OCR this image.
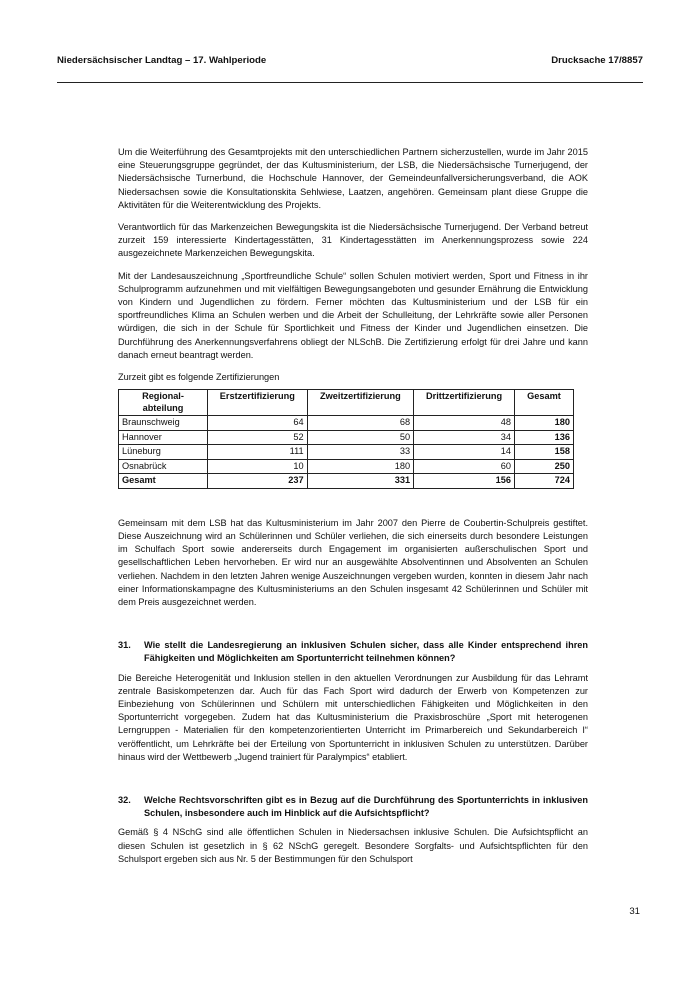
Niedersächsischer Landtag – 17. Wahlperiode	Drucksache 17/8857

Um die Weiterführung des Gesamtprojekts mit den unterschiedlichen Partnern sicherzustellen, wurde im Jahr 2015 eine Steuerungsgruppe gegründet, der das Kultusministerium, der LSB, die Niedersächsische Turnerjugend, der Niedersächsische Turnerbund, die Hochschule Hannover, der Gemeindeunfallversicherungsverband, die AOK Niedersachsen sowie die Konsultationskita Sehlwiese, Laatzen, angehören. Gemeinsam plant diese Gruppe die Aktivitäten für die Weiterentwicklung des Projekts.

Verantwortlich für das Markenzeichen Bewegungskita ist die Niedersächsische Turnerjugend. Der Verband betreut zurzeit 159 interessierte Kindertagesstätten, 31 Kindertagesstätten im Anerkennungsprozess sowie 224 ausgezeichnete Markenzeichen Bewegungskita.

Mit der Landesauszeichnung „Sportfreundliche Schule“ sollen Schulen motiviert werden, Sport und Fitness in ihr Schulprogramm aufzunehmen und mit vielfältigen Bewegungsangeboten und gesunder Ernährung die Entwicklung von Kindern und Jugendlichen zu fördern. Ferner möchten das Kultusministerium und der LSB für ein sportfreundliches Klima an Schulen werben und die Arbeit der Schulleitung, der Lehrkräfte sowie aller Personen würdigen, die sich in der Schule für Sportlichkeit und Fitness der Kinder und Jugendlichen einsetzen. Die Durchführung des Anerkennungsverfahrens obliegt der NLSchB. Die Zertifizierung erfolgt für drei Jahre und kann danach erneut beantragt werden.

Zurzeit gibt es folgende Zertifizierungen

Regional-abteilung	Erstzertifizierung	Zweitzertifizierung	Drittzertifizierung	Gesamt
Braunschweig	64	68	48	180
Hannover	52	50	34	136
Lüneburg	111	33	14	158
Osnabrück	10	180	60	250
Gesamt	237	331	156	724

Gemeinsam mit dem LSB hat das Kultusministerium im Jahr 2007 den Pierre de Coubertin-Schulpreis gestiftet. Diese Auszeichnung wird an Schülerinnen und Schüler verliehen, die sich einerseits durch besondere Leistungen im Schulfach Sport sowie andererseits durch Engagement im organisierten außerschulischen Sport und gesellschaftlichen Leben hervorheben. Er wird nur an ausgewählte Absolventinnen und Absolventen an Schulen verliehen. Nachdem in den letzten Jahren wenige Auszeichnungen vergeben wurden, konnten in diesem Jahr nach einer Informationskampagne des Kultusministeriums an den Schulen insgesamt 42 Schülerinnen und Schüler mit dem Preis ausgezeichnet werden.

31.	Wie stellt die Landesregierung an inklusiven Schulen sicher, dass alle Kinder entsprechend ihren Fähigkeiten und Möglichkeiten am Sportunterricht teilnehmen können?

Die Bereiche Heterogenität und Inklusion stellen in den aktuellen Verordnungen zur Ausbildung für das Lehramt zentrale Basiskompetenzen dar. Auch für das Fach Sport wird dadurch der Erwerb von Kompetenzen zur Einbeziehung von Schülerinnen und Schülern mit unterschiedlichen Fähigkeiten und Möglichkeiten in den Sportunterricht vorgegeben. Zudem hat das Kultusministerium die Praxisbroschüre „Sport mit heterogenen Lerngruppen - Materialien für den kompetenzorientierten Unterricht im Primarbereich und Sekundarbereich I“ veröffentlicht, um Lehrkräfte bei der Erteilung von Sportunterricht in inklusiven Schulen zu unterstützen. Darüber hinaus wird der Wettbewerb „Jugend trainiert für Paralympics“ etabliert.

32.	Welche Rechtsvorschriften gibt es in Bezug auf die Durchführung des Sportunterrichts in inklusiven Schulen, insbesondere auch im Hinblick auf die Aufsichtspflicht?

Gemäß § 4 NSchG sind alle öffentlichen Schulen in Niedersachsen inklusive Schulen. Die Aufsichtspflicht an diesen Schulen ist gesetzlich in § 62 NSchG geregelt. Besondere Sorgfalts- und Aufsichtspflichten für den Schulsport ergeben sich aus Nr. 5 der Bestimmungen für den Schulsport

31
